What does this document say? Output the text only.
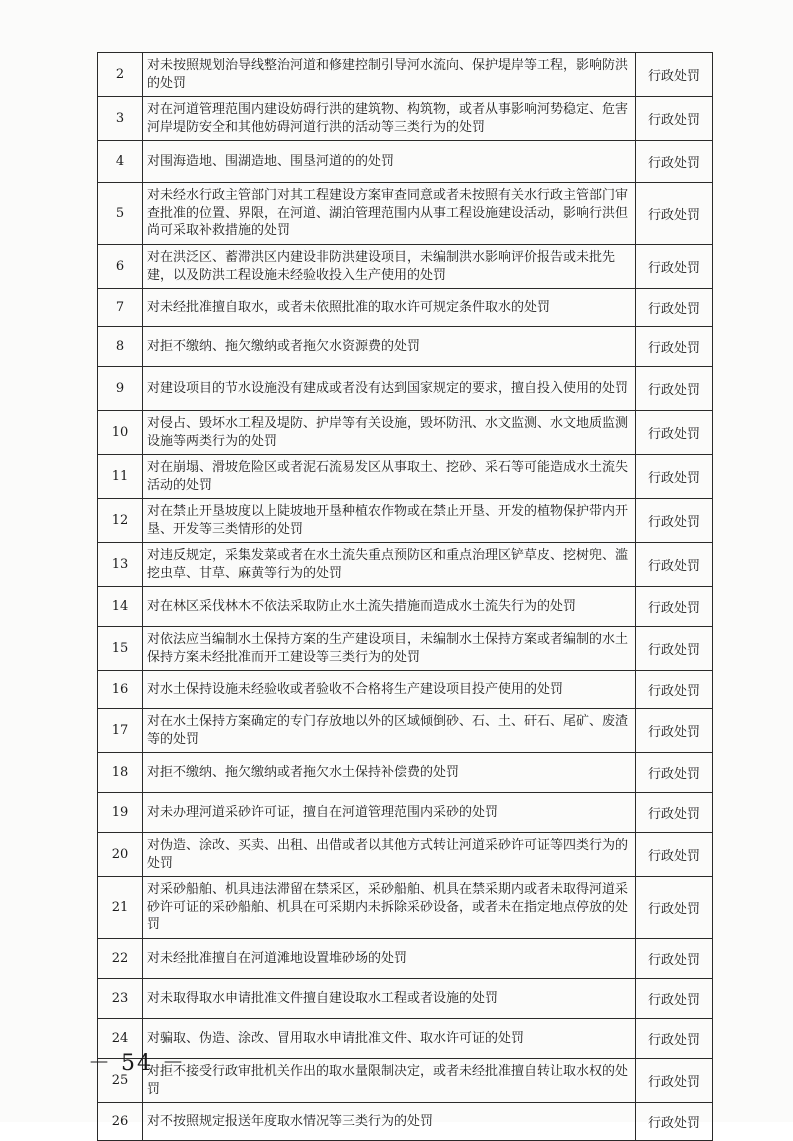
2	对未按照规划治导线整治河道和修建控制引导河水流向、保护堤岸等工程，影响防洪的处罚	行政处罚
3	对在河道管理范围内建设妨碍行洪的建筑物、构筑物，或者从事影响河势稳定、危害河岸堤防安全和其他妨碍河道行洪的活动等三类行为的处罚	行政处罚
4	对围海造地、围湖造地、围垦河道的的处罚	行政处罚
5	对未经水行政主管部门对其工程建设方案审查同意或者未按照有关水行政主管部门审查批准的位置、界限，在河道、湖泊管理范围内从事工程设施建设活动，影响行洪但尚可采取补救措施的处罚	行政处罚
6	对在洪泛区、蓄滞洪区内建设非防洪建设项目，未编制洪水影响评价报告或未批先建，以及防洪工程设施未经验收投入生产使用的处罚	行政处罚
7	对未经批准擅自取水，或者未依照批准的取水许可规定条件取水的处罚	行政处罚
8	对拒不缴纳、拖欠缴纳或者拖欠水资源费的处罚	行政处罚
9	对建设项目的节水设施没有建成或者没有达到国家规定的要求，擅自投入使用的处罚	行政处罚
10	对侵占、毁坏水工程及堤防、护岸等有关设施，毁坏防汛、水文监测、水文地质监测设施等两类行为的处罚	行政处罚
11	对在崩塌、滑坡危险区或者泥石流易发区从事取土、挖砂、采石等可能造成水土流失活动的处罚	行政处罚
12	对在禁止开垦坡度以上陡坡地开垦种植农作物或在禁止开垦、开发的植物保护带内开垦、开发等三类情形的处罚	行政处罚
13	对违反规定，采集发菜或者在水土流失重点预防区和重点治理区铲草皮、挖树兜、滥挖虫草、甘草、麻黄等行为的处罚	行政处罚
14	对在林区采伐林木不依法采取防止水土流失措施而造成水土流失行为的处罚	行政处罚
15	对依法应当编制水土保持方案的生产建设项目，未编制水土保持方案或者编制的水土保持方案未经批准而开工建设等三类行为的处罚	行政处罚
16	对水土保持设施未经验收或者验收不合格将生产建设项目投产使用的处罚	行政处罚
17	对在水土保持方案确定的专门存放地以外的区域倾倒砂、石、土、矸石、尾矿、废渣等的处罚	行政处罚
18	对拒不缴纳、拖欠缴纳或者拖欠水土保持补偿费的处罚	行政处罚
19	对未办理河道采砂许可证，擅自在河道管理范围内采砂的处罚	行政处罚
20	对伪造、涂改、买卖、出租、出借或者以其他方式转让河道采砂许可证等四类行为的处罚	行政处罚
21	对采砂船舶、机具违法滞留在禁采区，采砂船舶、机具在禁采期内或者未取得河道采砂许可证的采砂船舶、机具在可采期内未拆除采砂设备，或者未在指定地点停放的处罚	行政处罚
22	对未经批准擅自在河道滩地设置堆砂场的处罚	行政处罚
23	对未取得取水申请批准文件擅自建设取水工程或者设施的处罚	行政处罚
24	对骗取、伪造、涂改、冒用取水申请批准文件、取水许可证的处罚	行政处罚
25	对拒不接受行政审批机关作出的取水量限制决定，或者未经批准擅自转让取水权的处罚	行政处罚
26	对不按照规定报送年度取水情况等三类行为的处罚	行政处罚
－ 54 －
